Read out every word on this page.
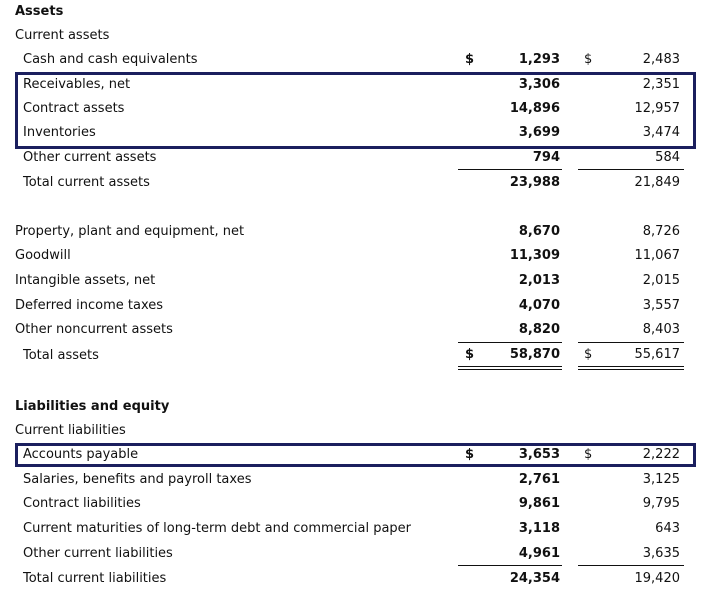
Assets
Current assets
Cash and cash equivalents	$	1,293 $	2,483
Receivables, net	3,306	2,351
Contract assets	14,896	12,957
Inventories	3,699	3,474
Other current assets	794	584
Total current assets	23,988	21,849
Property, plant and equipment, net	8,670	8,726
Goodwill	11,309	11,067
Intangible assets, net	2,013	2,015
Deferred income taxes	4,070	3,557
Other noncurrent assets	8,820	8,403
Total assets	$	58,870 $	55,617
Liabilities and equity
Current liabilities
Accounts payable	$	3,653 $	2,222
Salaries, benefits and payroll taxes	2,761	3,125
Contract liabilities	9,861	9,795
Current maturities of long-term debt and commercial paper	3,118	643
Other current liabilities	4,961	3,635
Total current liabilities	24,354	19,420
